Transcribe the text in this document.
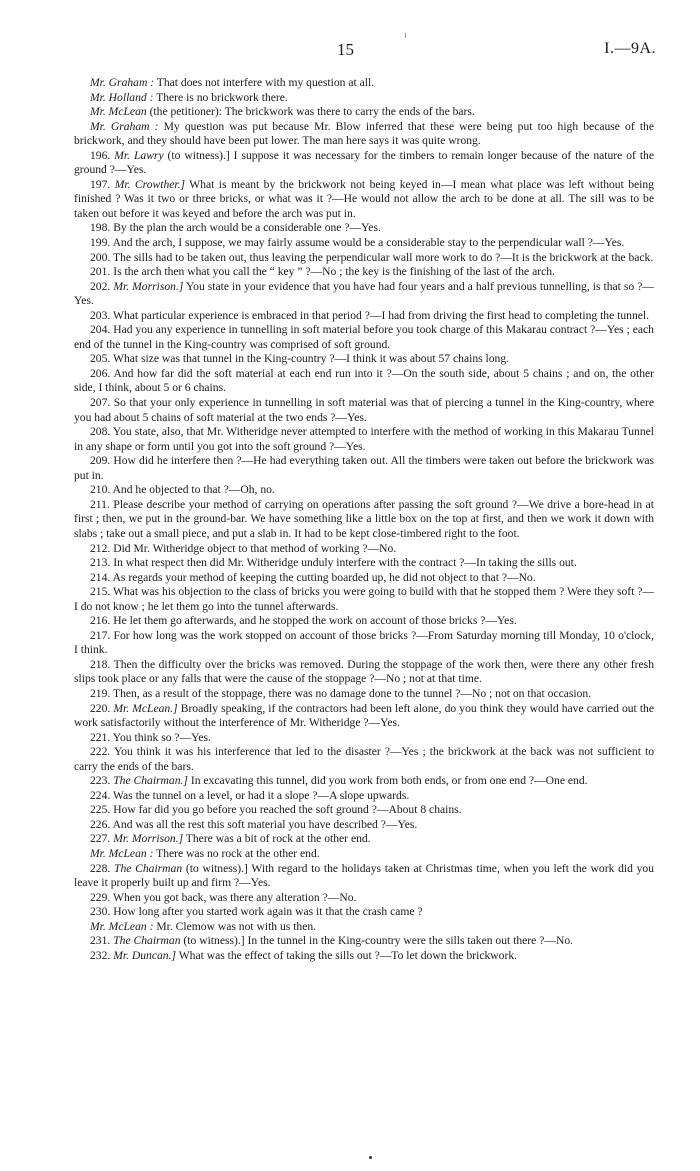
15	I.—9A.

Mr. Graham : That does not interfere with my question at all.

Mr. Holland : There is no brickwork there.

Mr. McLean (the petitioner): The brickwork was there to carry the ends of the bars.

Mr. Graham : My question was put because Mr. Blow inferred that these were being put too high because of the brickwork, and they should have been put lower. The man here says it was quite wrong.

196. Mr. Lawry (to witness).] I suppose it was necessary for the timbers to remain longer because of the nature of the ground ?—Yes.

197. Mr. Crowther.] What is meant by the brickwork not being keyed in—I mean what place was left without being finished ? Was it two or three bricks, or what was it ?—He would not allow the arch to be done at all. The sill was to be taken out before it was keyed and before the arch was put in.

198. By the plan the arch would be a considerable one ?—Yes.

199. And the arch, I suppose, we may fairly assume would be a considerable stay to the perpendicular wall ?—Yes.

200. The sills had to be taken out, thus leaving the perpendicular wall more work to do ?—It is the brickwork at the back.

201. Is the arch then what you call the “ key ” ?—No ; the key is the finishing of the last of the arch.

202. Mr. Morrison.] You state in your evidence that you have had four years and a half previous tunnelling, is that so ?—Yes.

203. What particular experience is embraced in that period ?—I had from driving the first head to completing the tunnel.

204. Had you any experience in tunnelling in soft material before you took charge of this Makarau contract ?—Yes ; each end of the tunnel in the King-country was comprised of soft ground.

205. What size was that tunnel in the King-country ?—I think it was about 57 chains long.

206. And how far did the soft material at each end run into it ?—On the south side, about 5 chains ; and on, the other side, I think, about 5 or 6 chains.

207. So that your only experience in tunnelling in soft material was that of piercing a tunnel in the King-country, where you had about 5 chains of soft material at the two ends ?—Yes.

208. You state, also, that Mr. Witheridge never attempted to interfere with the method of working in this Makarau Tunnel in any shape or form until you got into the soft ground ?—Yes.

209. How did he interfere then ?—He had everything taken out. All the timbers were taken out before the brickwork was put in.

210. And he objected to that ?—Oh, no.

211. Please describe your method of carrying on operations after passing the soft ground ?—We drive a bore-head in at first ; then, we put in the ground-bar. We have something like a little box on the top at first, and then we work it down with slabs ; take out a small piece, and put a slab in. It had to be kept close-timbered right to the foot.

212. Did Mr. Witheridge object to that method of working ?—No.

213. In what respect then did Mr. Witheridge unduly interfere with the contract ?—In taking the sills out.

214. As regards your method of keeping the cutting boarded up, he did not object to that ?—No.

215. What was his objection to the class of bricks you were going to build with that he stopped them ? Were they soft ?—I do not know ; he let them go into the tunnel afterwards.

216. He let them go afterwards, and he stopped the work on account of those bricks ?—Yes.

217. For how long was the work stopped on account of those bricks ?—From Saturday morning till Monday, 10 o'clock, I think.

218. Then the difficulty over the bricks was removed. During the stoppage of the work then, were there any other fresh slips took place or any falls that were the cause of the stoppage ?—No ; not at that time.

219. Then, as a result of the stoppage, there was no damage done to the tunnel ?—No ; not on that occasion.

220. Mr. McLean.] Broadly speaking, if the contractors had been left alone, do you think they would have carried out the work satisfactorily without the interference of Mr. Witheridge ?—Yes.

221. You think so ?—Yes.

222. You think it was his interference that led to the disaster ?—Yes ; the brickwork at the back was not sufficient to carry the ends of the bars.

223. The Chairman.] In excavating this tunnel, did you work from both ends, or from one end ?—One end.

224. Was the tunnel on a level, or had it a slope ?—A slope upwards.

225. How far did you go before you reached the soft ground ?—About 8 chains.

226. And was all the rest this soft material you have described ?—Yes.

227. Mr. Morrison.] There was a bit of rock at the other end.

Mr. McLean : There was no rock at the other end.

228. The Chairman (to witness).] With regard to the holidays taken at Christmas time, when you left the work did you leave it properly built up and firm ?—Yes.

229. When you got back, was there any alteration ?—No.

230. How long after you started work again was it that the crash came ?

Mr. McLean : Mr. Clemow was not with us then.

231. The Chairman (to witness).] In the tunnel in the King-country were the sills taken out there ?—No.

232. Mr. Duncan.] What was the effect of taking the sills out ?—To let down the brickwork.
